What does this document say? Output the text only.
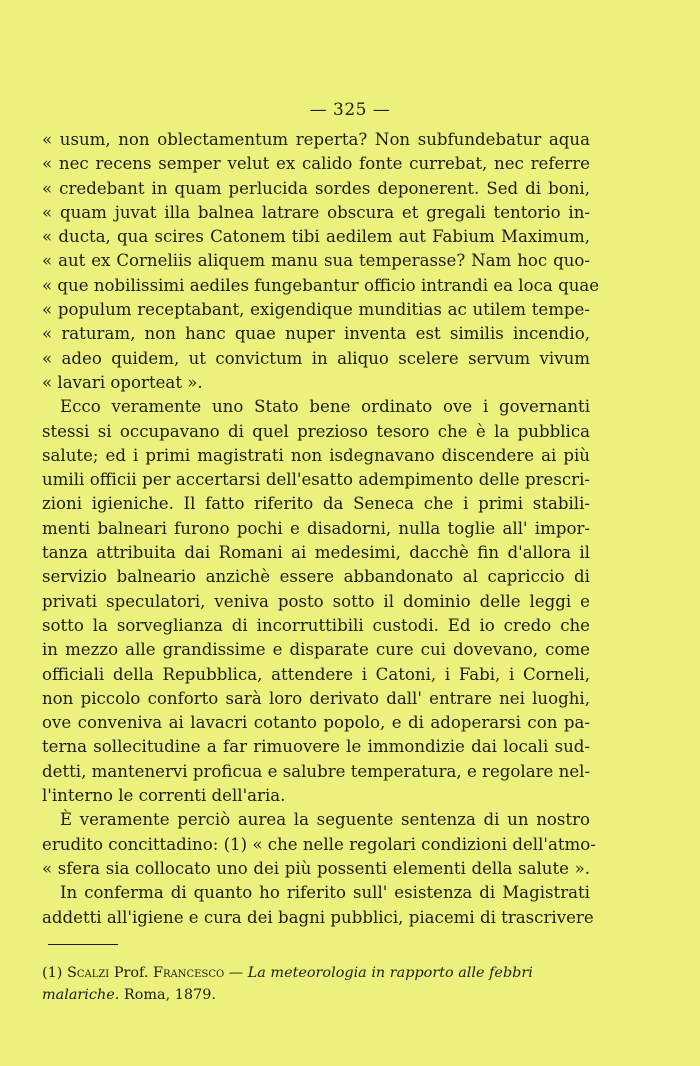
— 325 —
« usum, non oblectamentum reperta? Non subfundebatur aqua
« nec recens semper velut ex calido fonte currebat, nec referre
« credebant in quam perlucida sordes deponerent. Sed di boni,
« quam juvat illa balnea latrare obscura et gregali tentorio in-
« ducta, qua scires Catonem tibi aedilem aut Fabium Maximum,
« aut ex Corneliis aliquem manu sua temperasse? Nam hoc quo-
« que nobilissimi aediles fungebantur officio intrandi ea loca quae
« populum receptabant, exigendique munditias ac utilem tempe-
« raturam, non hanc quae nuper inventa est similis incendio,
« adeo quidem, ut convictum in aliquo scelere servum vivum
« lavari oporteat ».
Ecco veramente uno Stato bene ordinato ove i governanti
stessi si occupavano di quel prezioso tesoro che è la pubblica
salute; ed i primi magistrati non isdegnavano discendere ai più
umili officii per accertarsi dell'esatto adempimento delle prescri-
zioni igieniche. Il fatto riferito da Seneca che i primi stabili-
menti balneari furono pochi e disadorni, nulla toglie all' impor-
tanza attribuita dai Romani ai medesimi, dacchè fin d'allora il
servizio balneario anzichè essere abbandonato al capriccio di
privati speculatori, veniva posto sotto il dominio delle leggi e
sotto la sorveglianza di incorruttibili custodi. Ed io credo che
in mezzo alle grandissime e disparate cure cui dovevano, come
officiali della Repubblica, attendere i Catoni, i Fabi, i Corneli,
non piccolo conforto sarà loro derivato dall' entrare nei luoghi,
ove conveniva ai lavacri cotanto popolo, e di adoperarsi con pa-
terna sollecitudine a far rimuovere le immondizie dai locali sud-
detti, mantenervi proficua e salubre temperatura, e regolare nel-
l'interno le correnti dell'aria.
È veramente perciò aurea la seguente sentenza di un nostro
erudito concittadino: (1) « che nelle regolari condizioni dell'atmo-
« sfera sia collocato uno dei più possenti elementi della salute ».
In conferma di quanto ho riferito sull' esistenza di Magistrati
addetti all'igiene e cura dei bagni pubblici, piacemi di trascrivere
(1) Scalzi Prof. Francesco — La meteorologia in rapporto alle febbri
malariche. Roma, 1879.
